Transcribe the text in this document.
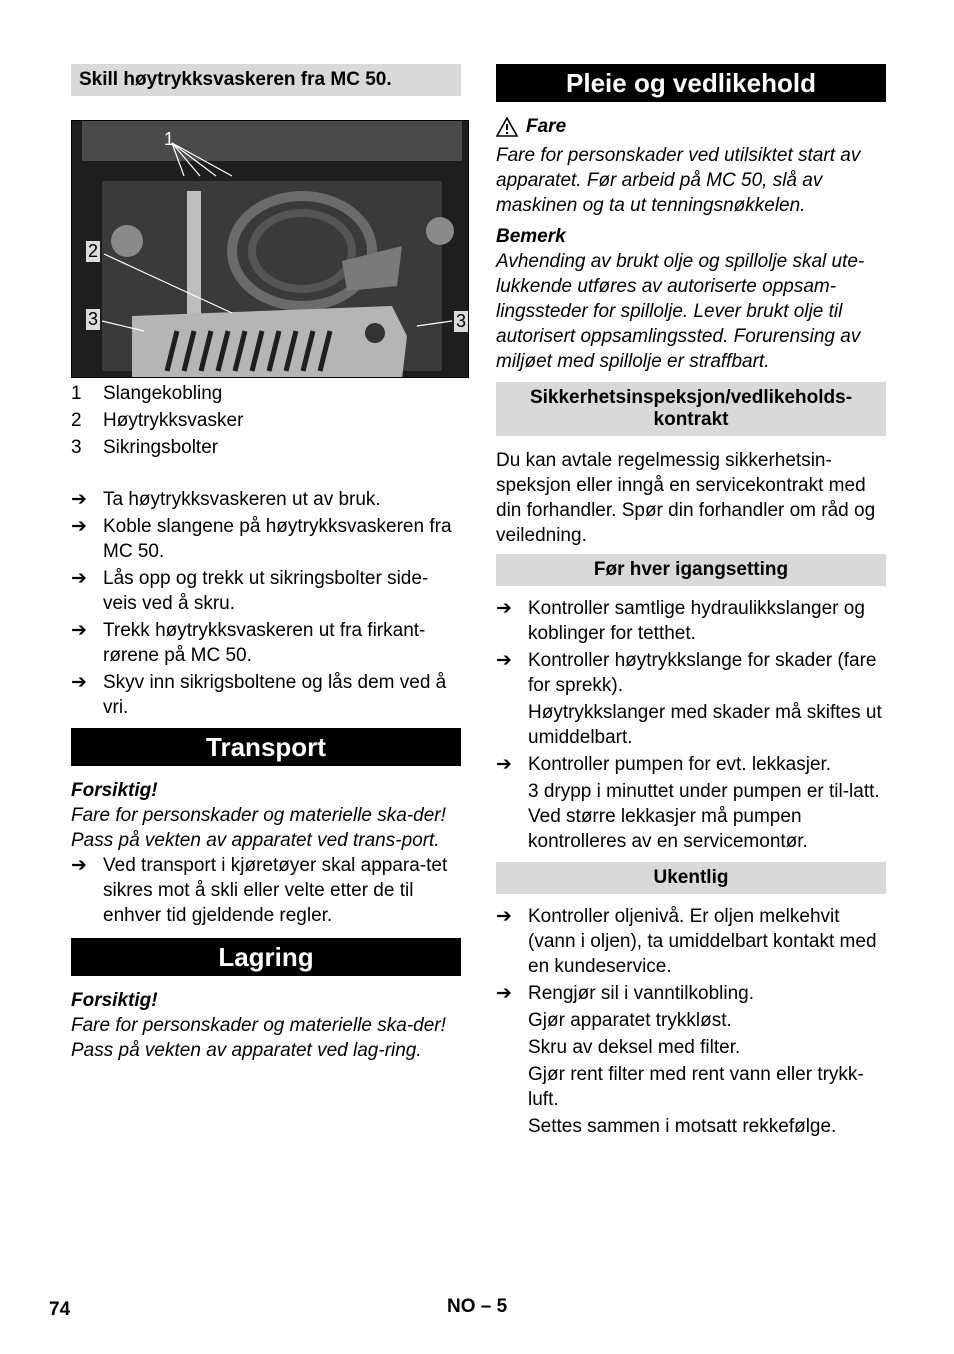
Skill høytrykksvaskeren fra MC 50.
1
2
3	3
1 Slangekobling
2 Høytrykksvasker
3 Sikringsbolter
➔ Ta høytrykksvaskeren ut av bruk.
➔ Koble slangene på høytrykksvaskeren fra MC 50.
➔ Lås opp og trekk ut sikringsbolter side-veis ved å skru.
➔ Trekk høytrykksvaskeren ut fra firkant-rørene på MC 50.
➔ Skyv inn sikrigsboltene og lås dem ved å vri.
Transport

Forsiktig!

Fare for personskader og materielle ska-der! Pass på vekten av apparatet ved trans-port.

➔ Ved transport i kjøretøyer skal appara-tet sikres mot å skli eller velte etter de til enhver tid gjeldende regler.
Lagring

Forsiktig!

Fare for personskader og materielle ska-der! Pass på vekten av apparatet ved lag-ring.

Pleie og vedlikehold
Fare

Fare for personskader ved utilsiktet start av apparatet. Før arbeid på MC 50, slå av maskinen og ta ut tenningsnøkkelen.

Bemerk

Avhending av brukt olje og spillolje skal ute-lukkende utføres av autoriserte oppsam-lingssteder for spillolje. Lever brukt olje til autorisert oppsamlingssted. Forurensing av miljøet med spillolje er straffbart.

Sikkerhetsinspeksjon/vedlikeholds-kontrakt

Du kan avtale regelmessig sikkerhetsin-speksjon eller inngå en servicekontrakt med din forhandler. Spør din forhandler om råd og veiledning.

Før hver igangsetting
➔ Kontroller samtlige hydraulikkslanger og koblinger for tetthet.
➔ Kontroller høytrykkslange for skader (fare for sprekk).
Høytrykkslanger med skader må skiftes ut umiddelbart.
➔ Kontroller pumpen for evt. lekkasjer.
3 drypp i minuttet under pumpen er til-latt. Ved større lekkasjer må pumpen kontrolleres av en servicemontør.
Ukentlig
➔ Kontroller oljenivå. Er oljen melkehvit (vann i oljen), ta umiddelbart kontakt med en kundeservice.
➔ Rengjør sil i vanntilkobling.
Gjør apparatet trykkløst.
Skru av deksel med filter.
Gjør rent filter med rent vann eller trykk-luft.
Settes sammen i motsatt rekkefølge.
74	NO – 5
